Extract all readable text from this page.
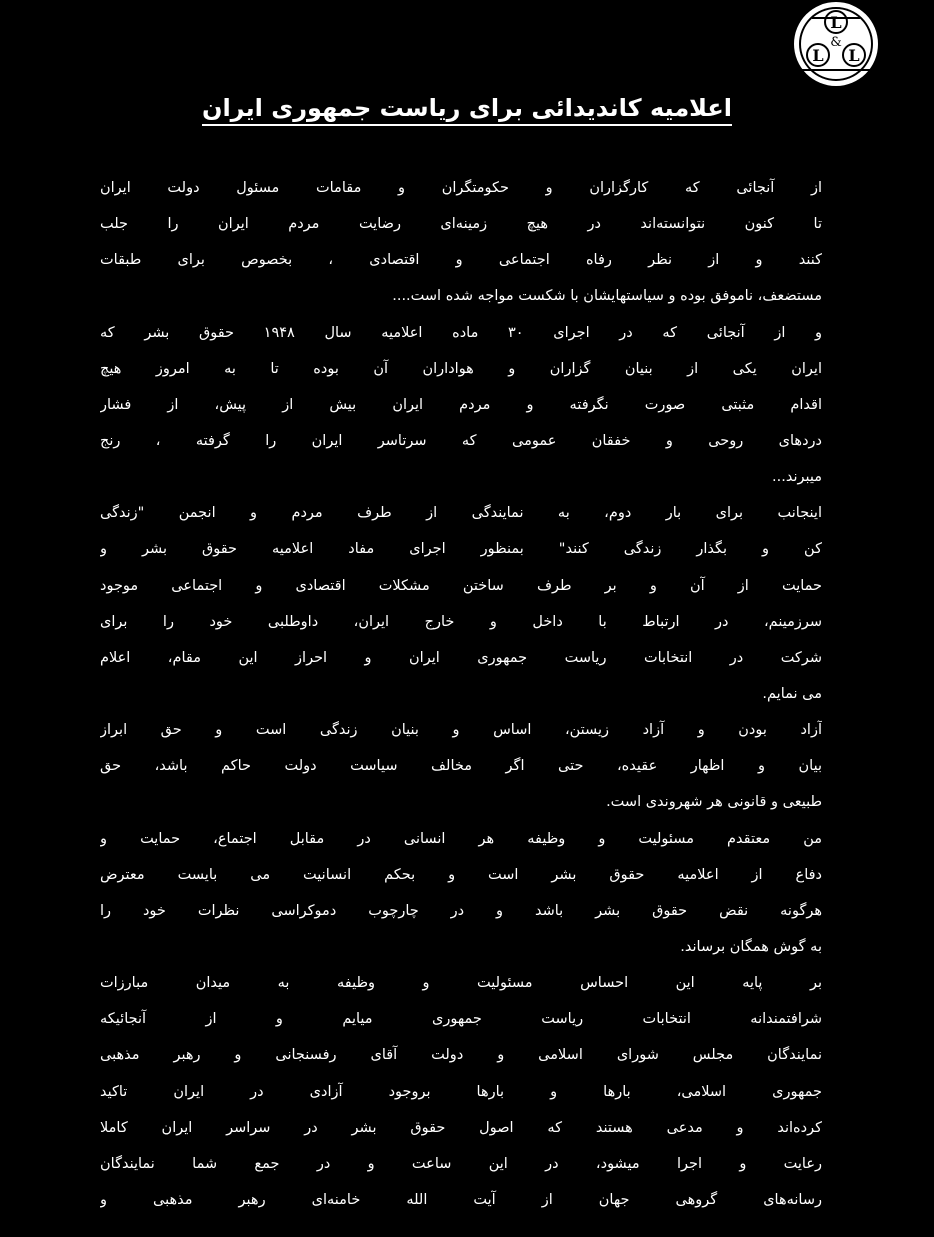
L
&
L L
اعلامیه کاندیدائی برای ریاست جمهوری ایران
از آنجائی که کارگزاران و حکومتگران و مقامات مسئول دولت ایران
تا کنون نتوانسته‌اند در هیچ زمینه‌ای رضایت مردم ایران را جلب
کنند و از نظر رفاه اجتماعی و اقتصادی ، بخصوص برای طبقات
مستضعف، ناموفق بوده و سیاستهایشان با شکست مواجه شده است....
و از آنجائی که در اجرای ۳۰ ماده اعلامیه سال ۱۹۴۸ حقوق بشر که
ایران یکی از بنیان گزاران و هواداران آن بوده تا به امروز هیچ
اقدام مثبتی صورت نگرفته و مردم ایران بیش از پیش، از فشار
دردهای روحی و خفقان عمومی که سرتاسر ایران را گرفته ، رنج
میبرند...
اینجانب برای بار دوم، به نمایندگی از طرف مردم و انجمن "زندگی
کن و بگذار زندگی کنند" بمنظور اجرای مفاد اعلامیه حقوق بشر و
حمایت از آن و بر طرف ساختن مشکلات اقتصادی و اجتماعی موجود
سرزمینم، در ارتباط با داخل و خارج ایران، داوطلبی خود را برای
شرکت در انتخابات ریاست جمهوری ایران و احراز این مقام، اعلام
می نمایم.
آزاد بودن و آزاد زیستن، اساس و بنیان زندگی است و حق ابراز
بیان و اظهار عقیده، حتی اگر مخالف سیاست دولت حاکم باشد، حق
طبیعی و قانونی هر شهروندی است.
من معتقدم مسئولیت و وظیفه هر انسانی در مقابل اجتماع، حمایت و
دفاع از اعلامیه حقوق بشر است و بحکم انسانیت می بایست معترض
هرگونه نقض حقوق بشر باشد و در چارچوب دموکراسی نظرات خود را
به گوش همگان برساند.
بر پایه این احساس مسئولیت و وظیفه به میدان مبارزات
شرافتمندانه انتخابات ریاست جمهوری میایم و از آنجائیکه
نمایندگان مجلس شورای اسلامی و دولت آقای رفسنجانی و رهبر مذهبی
جمهوری اسلامی، بارها و بارها بروجود آزادی در ایران تاکید
کرده‌اند و مدعی هستند که اصول حقوق بشر در سراسر ایران کاملا
رعایت و اجرا میشود، در این ساعت و در جمع شما نمایندگان
رسانه‌های گروهی جهان از آیت الله خامنه‌ای رهبر مذهبی و
